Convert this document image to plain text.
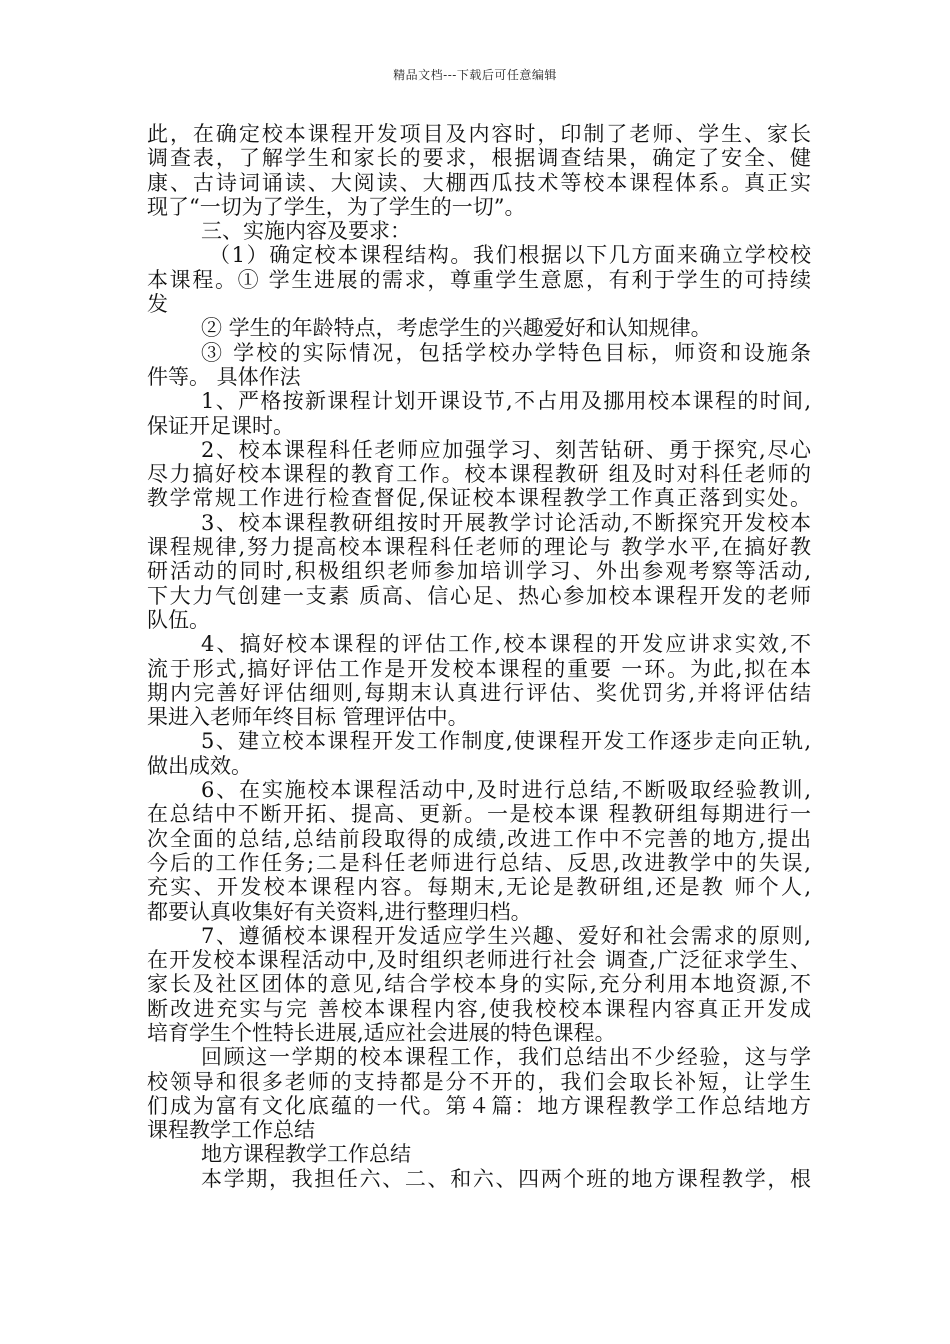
精品文档---下载后可任意编辑
此，在确定校本课程开发项目及内容时，印制了老师、学生、家长
调查表，了解学生和家长的要求，根据调查结果，确定了安全、健
康、古诗词诵读、大阅读、大棚西瓜技术等校本课程体系。真正实
现了“一切为了学生，为了学生的一切”。
三、实施内容及要求：
（1）确定校本课程结构。我们根据以下几方面来确立学校校
本课程。① 学生进展的需求，尊重学生意愿，有利于学生的可持续
发
② 学生的年龄特点，考虑学生的兴趣爱好和认知规律。
③ 学校的实际情况，包括学校办学特色目标，师资和设施条
件等。 具体作法
1、严格按新课程计划开课设节,不占用及挪用校本课程的时间,
保证开足课时。
2、校本课程科任老师应加强学习、刻苦钻研、勇于探究,尽心
尽力搞好校本课程的教育工作。校本课程教研 组及时对科任老师的
教学常规工作进行检查督促,保证校本课程教学工作真正落到实处。
3、校本课程教研组按时开展教学讨论活动,不断探究开发校本
课程规律,努力提高校本课程科任老师的理论与 教学水平,在搞好教
研活动的同时,积极组织老师参加培训学习、外出参观考察等活动,
下大力气创建一支素 质高、信心足、热心参加校本课程开发的老师
队伍。
4、搞好校本课程的评估工作,校本课程的开发应讲求实效,不
流于形式,搞好评估工作是开发校本课程的重要 一环。为此,拟在本
期内完善好评估细则,每期末认真进行评估、奖优罚劣,并将评估结
果进入老师年终目标 管理评估中。
5、建立校本课程开发工作制度,使课程开发工作逐步走向正轨,
做出成效。
6、在实施校本课程活动中,及时进行总结,不断吸取经验教训,
在总结中不断开拓、提高、更新。一是校本课 程教研组每期进行一
次全面的总结,总结前段取得的成绩,改进工作中不完善的地方,提出
今后的工作任务;二是科任老师进行总结、反思,改进教学中的失误,
充实、开发校本课程内容。每期末,无论是教研组,还是教 师个人,
都要认真收集好有关资料,进行整理归档。
7、遵循校本课程开发适应学生兴趣、爱好和社会需求的原则,
在开发校本课程活动中,及时组织老师进行社会 调查,广泛征求学生、
家长及社区团体的意见,结合学校本身的实际,充分利用本地资源,不
断改进充实与完 善校本课程内容,使我校校本课程内容真正开发成
培育学生个性特长进展,适应社会进展的特色课程。
回顾这一学期的校本课程工作，我们总结出不少经验，这与学
校领导和很多老师的支持都是分不开的，我们会取长补短，让学生
们成为富有文化底蕴的一代。第４篇：地方课程教学工作总结地方
课程教学工作总结
地方课程教学工作总结
本学期，我担任六、二、和六、四两个班的地方课程教学，根
